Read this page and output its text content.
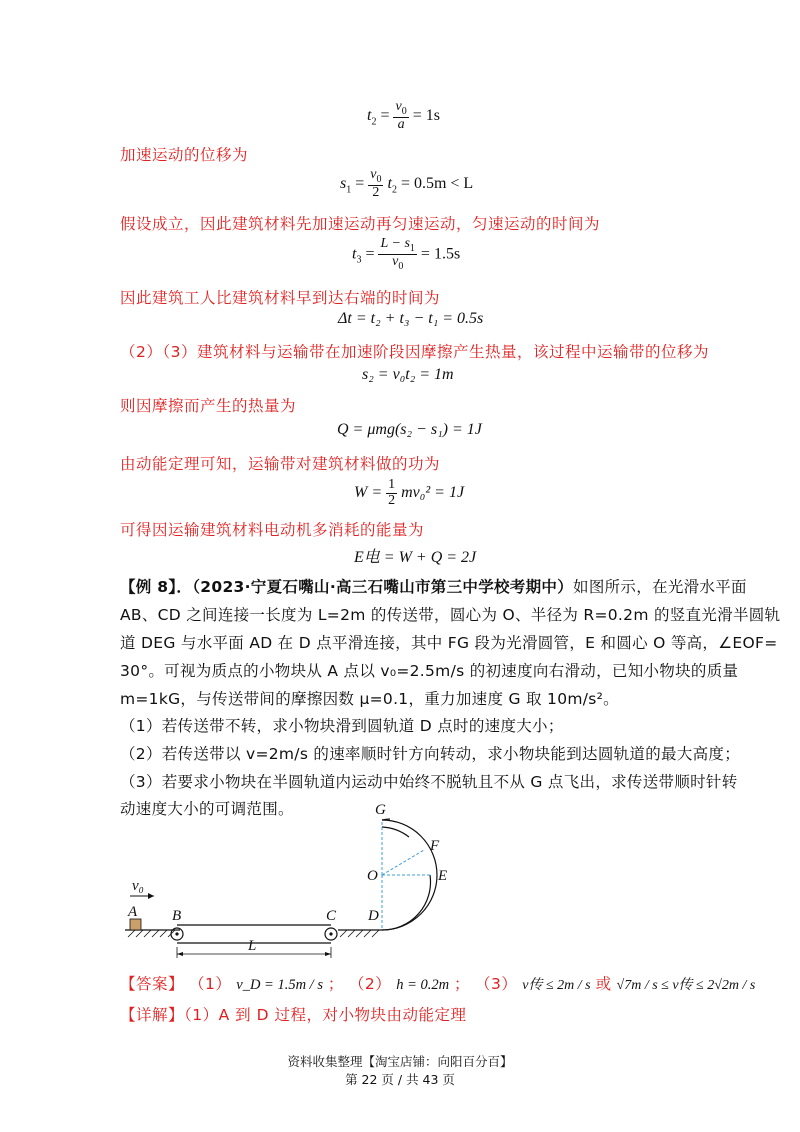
$t_2 = \frac{v_0}{a} = 1s$
加速运动的位移为
$s_1 = \frac{v_0}{2} t_2 = 0.5m < L$
假设成立，因此建筑材料先加速运动再匀速运动，匀速运动的时间为
$t_3 = \frac{L - s_1}{v_0} = 1.5s$
因此建筑工人比建筑材料早到达右端的时间为
Δt = t₂ + t₃ − t₁ = 0.5s
（2）（3）建筑材料与运输带在加速阶段因摩擦产生热量，该过程中运输带的位移为
s₂ = v₀t₂ = 1m
则因摩擦而产生的热量为
Q = μmg(s₂ − s₁) = 1J
由动能定理可知，运输带对建筑材料做的功为
$W = \frac{1}{2} mv_0^2 = 1J$
可得因运输建筑材料电动机多消耗的能量为
E电 = W + Q = 2J
【例 8】．（2023·宁夏石嘴山·高三石嘴山市第三中学校考期中）如图所示，在光滑水平面
AB、CD 之间连接一长度为 L=2m 的传送带，圆心为 O、半径为 R=0.2m 的竖直光滑半圆轨
道 DEG 与水平面 AD 在 D 点平滑连接，其中 FG 段为光滑圆管，E 和圆心 O 等高，∠EOF=
30°。可视为质点的小物块从 A 点以 v₀=2.5m/s 的初速度向右滑动，已知小物块的质量
m=1kG，与传送带间的摩擦因数 μ=0.1，重力加速度 G 取 10m/s²。
（1）若传送带不转，求小物块滑到圆轨道 D 点时的速度大小；
（2）若传送带以 v=2m/s 的速率顺时针方向转动，求小物块能到达圆轨道的最大高度；
（3）若要求小物块在半圆轨道内运动中始终不脱轨且不从 G 点飞出，求传送带顺时针转
动速度大小的可调范围。	G
F
E
O
D
A B	C
L
v₀
【答案】 （1） v_D = 1.5m / s ； （2） h = 0.2m ； （3） v传 ≤ 2m / s 或 √7m / s ≤ v传 ≤ 2√2m / s
【详解】（1）A 到 D 过程，对小物块由动能定理
资料收集整理【淘宝店铺：向阳百分百】
第 22 页 / 共 43 页
